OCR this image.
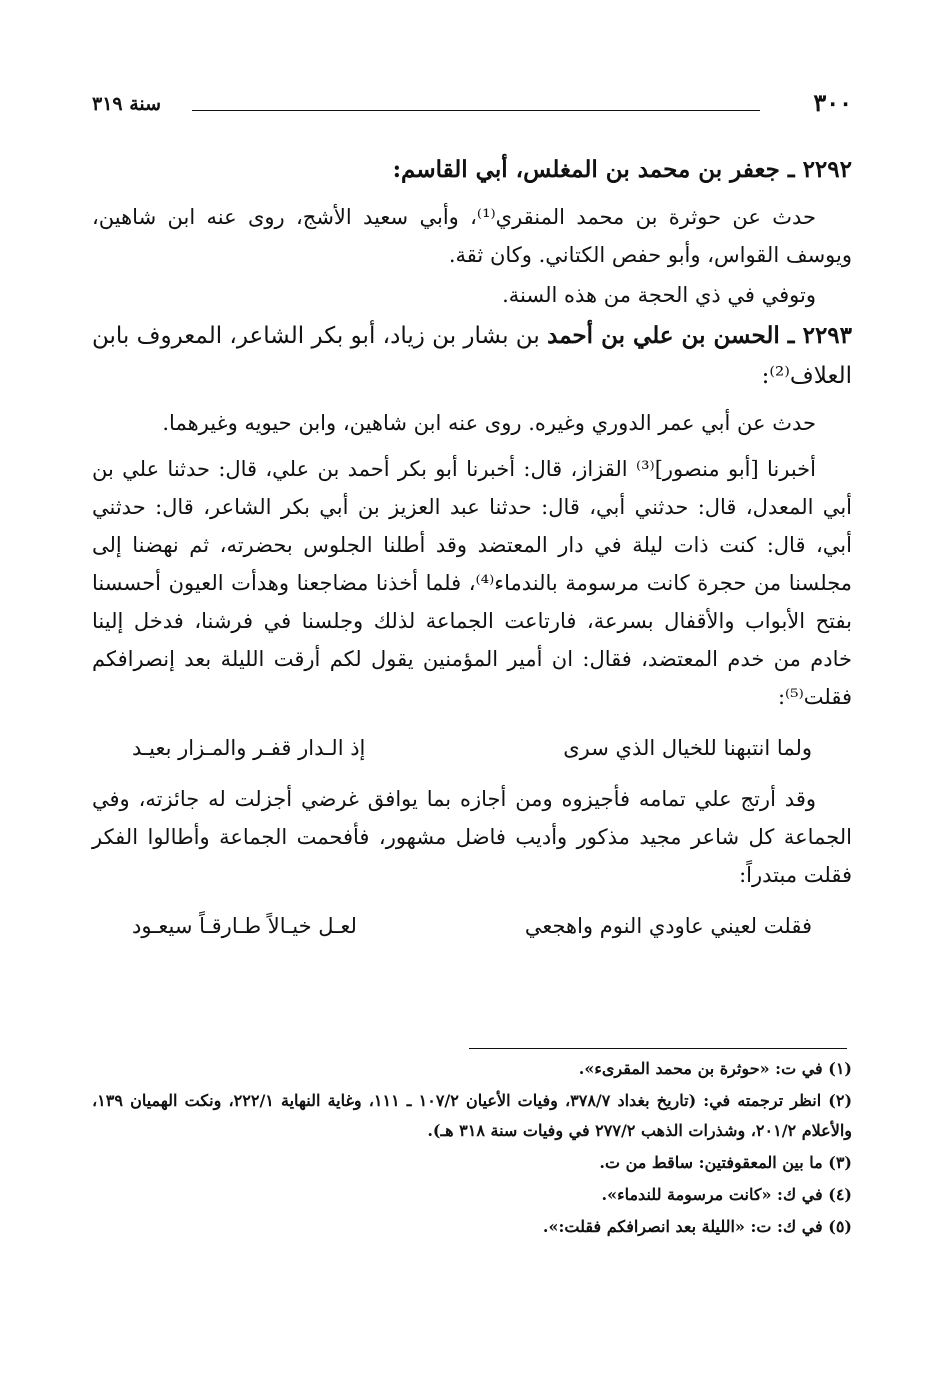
٣٠٠
سنة ٣١٩

٢٢٩٢ ـ جعفر بن محمد بن المغلس، أبي القاسم:

حدث عن حوثرة بن محمد المنقري⁽¹⁾، وأبي سعيد الأشج، روى عنه ابن شاهين، ويوسف القواس، وأبو حفص الكتاني. وكان ثقة.

وتوفي في ذي الحجة من هذه السنة.

٢٢٩٣ ـ الحسن بن علي بن أحمد بن بشار بن زياد، أبو بكر الشاعر، المعروف بابن العلاف⁽²⁾:

حدث عن أبي عمر الدوري وغيره. روى عنه ابن شاهين، وابن حيويه وغيرهما.

أخبرنا [أبو منصور]⁽³⁾ القزاز، قال: أخبرنا أبو بكر أحمد بن علي، قال: حدثنا علي بن أبي المعدل، قال: حدثني أبي، قال: حدثنا عبد العزيز بن أبي بكر الشاعر، قال: حدثني أبي، قال: كنت ذات ليلة في دار المعتضد وقد أطلنا الجلوس بحضرته، ثم نهضنا إلى مجلسنا من حجرة كانت مرسومة بالندماء⁽⁴⁾، فلما أخذنا مضاجعنا وهدأت العيون أحسسنا بفتح الأبواب والأقفال بسرعة، فارتاعت الجماعة لذلك وجلسنا في فرشنا، فدخل إلينا خادم من خدم المعتضد، فقال: ان أمير المؤمنين يقول لكم أرقت الليلة بعد إنصرافكم فقلت⁽⁵⁾:

ولما انتبهنا للخيال الذي سرى
إذ الـدار قفـر والمـزار بعيـد

وقد أرتج علي تمامه فأجيزوه ومن أجازه بما يوافق غرضي أجزلت له جائزته، وفي الجماعة كل شاعر مجيد مذكور وأديب فاضل مشهور، فأفحمت الجماعة وأطالوا الفكر فقلت مبتدراً:

فقلت لعيني عاودي النوم واهجعي
لعـل خيـالاً طـارقـاً سيعـود

(١) في ت: «حوثرة بن محمد المقرىء».

(٢) انظر ترجمته في: (تاريخ بغداد ٣٧٨/٧، وفيات الأعيان ١٠٧/٢ ـ ١١١، وغاية النهاية ٢٢٢/١، ونكت الهميان ١٣٩، والأعلام ٢٠١/٢، وشذرات الذهب ٢٧٧/٢ في وفيات سنة ٣١٨ هـ).

(٣) ما بين المعقوفتين: ساقط من ت.

(٤) في ك: «كانت مرسومة للندماء».

(٥) في ك: ت: «الليلة بعد انصرافكم فقلت:».
